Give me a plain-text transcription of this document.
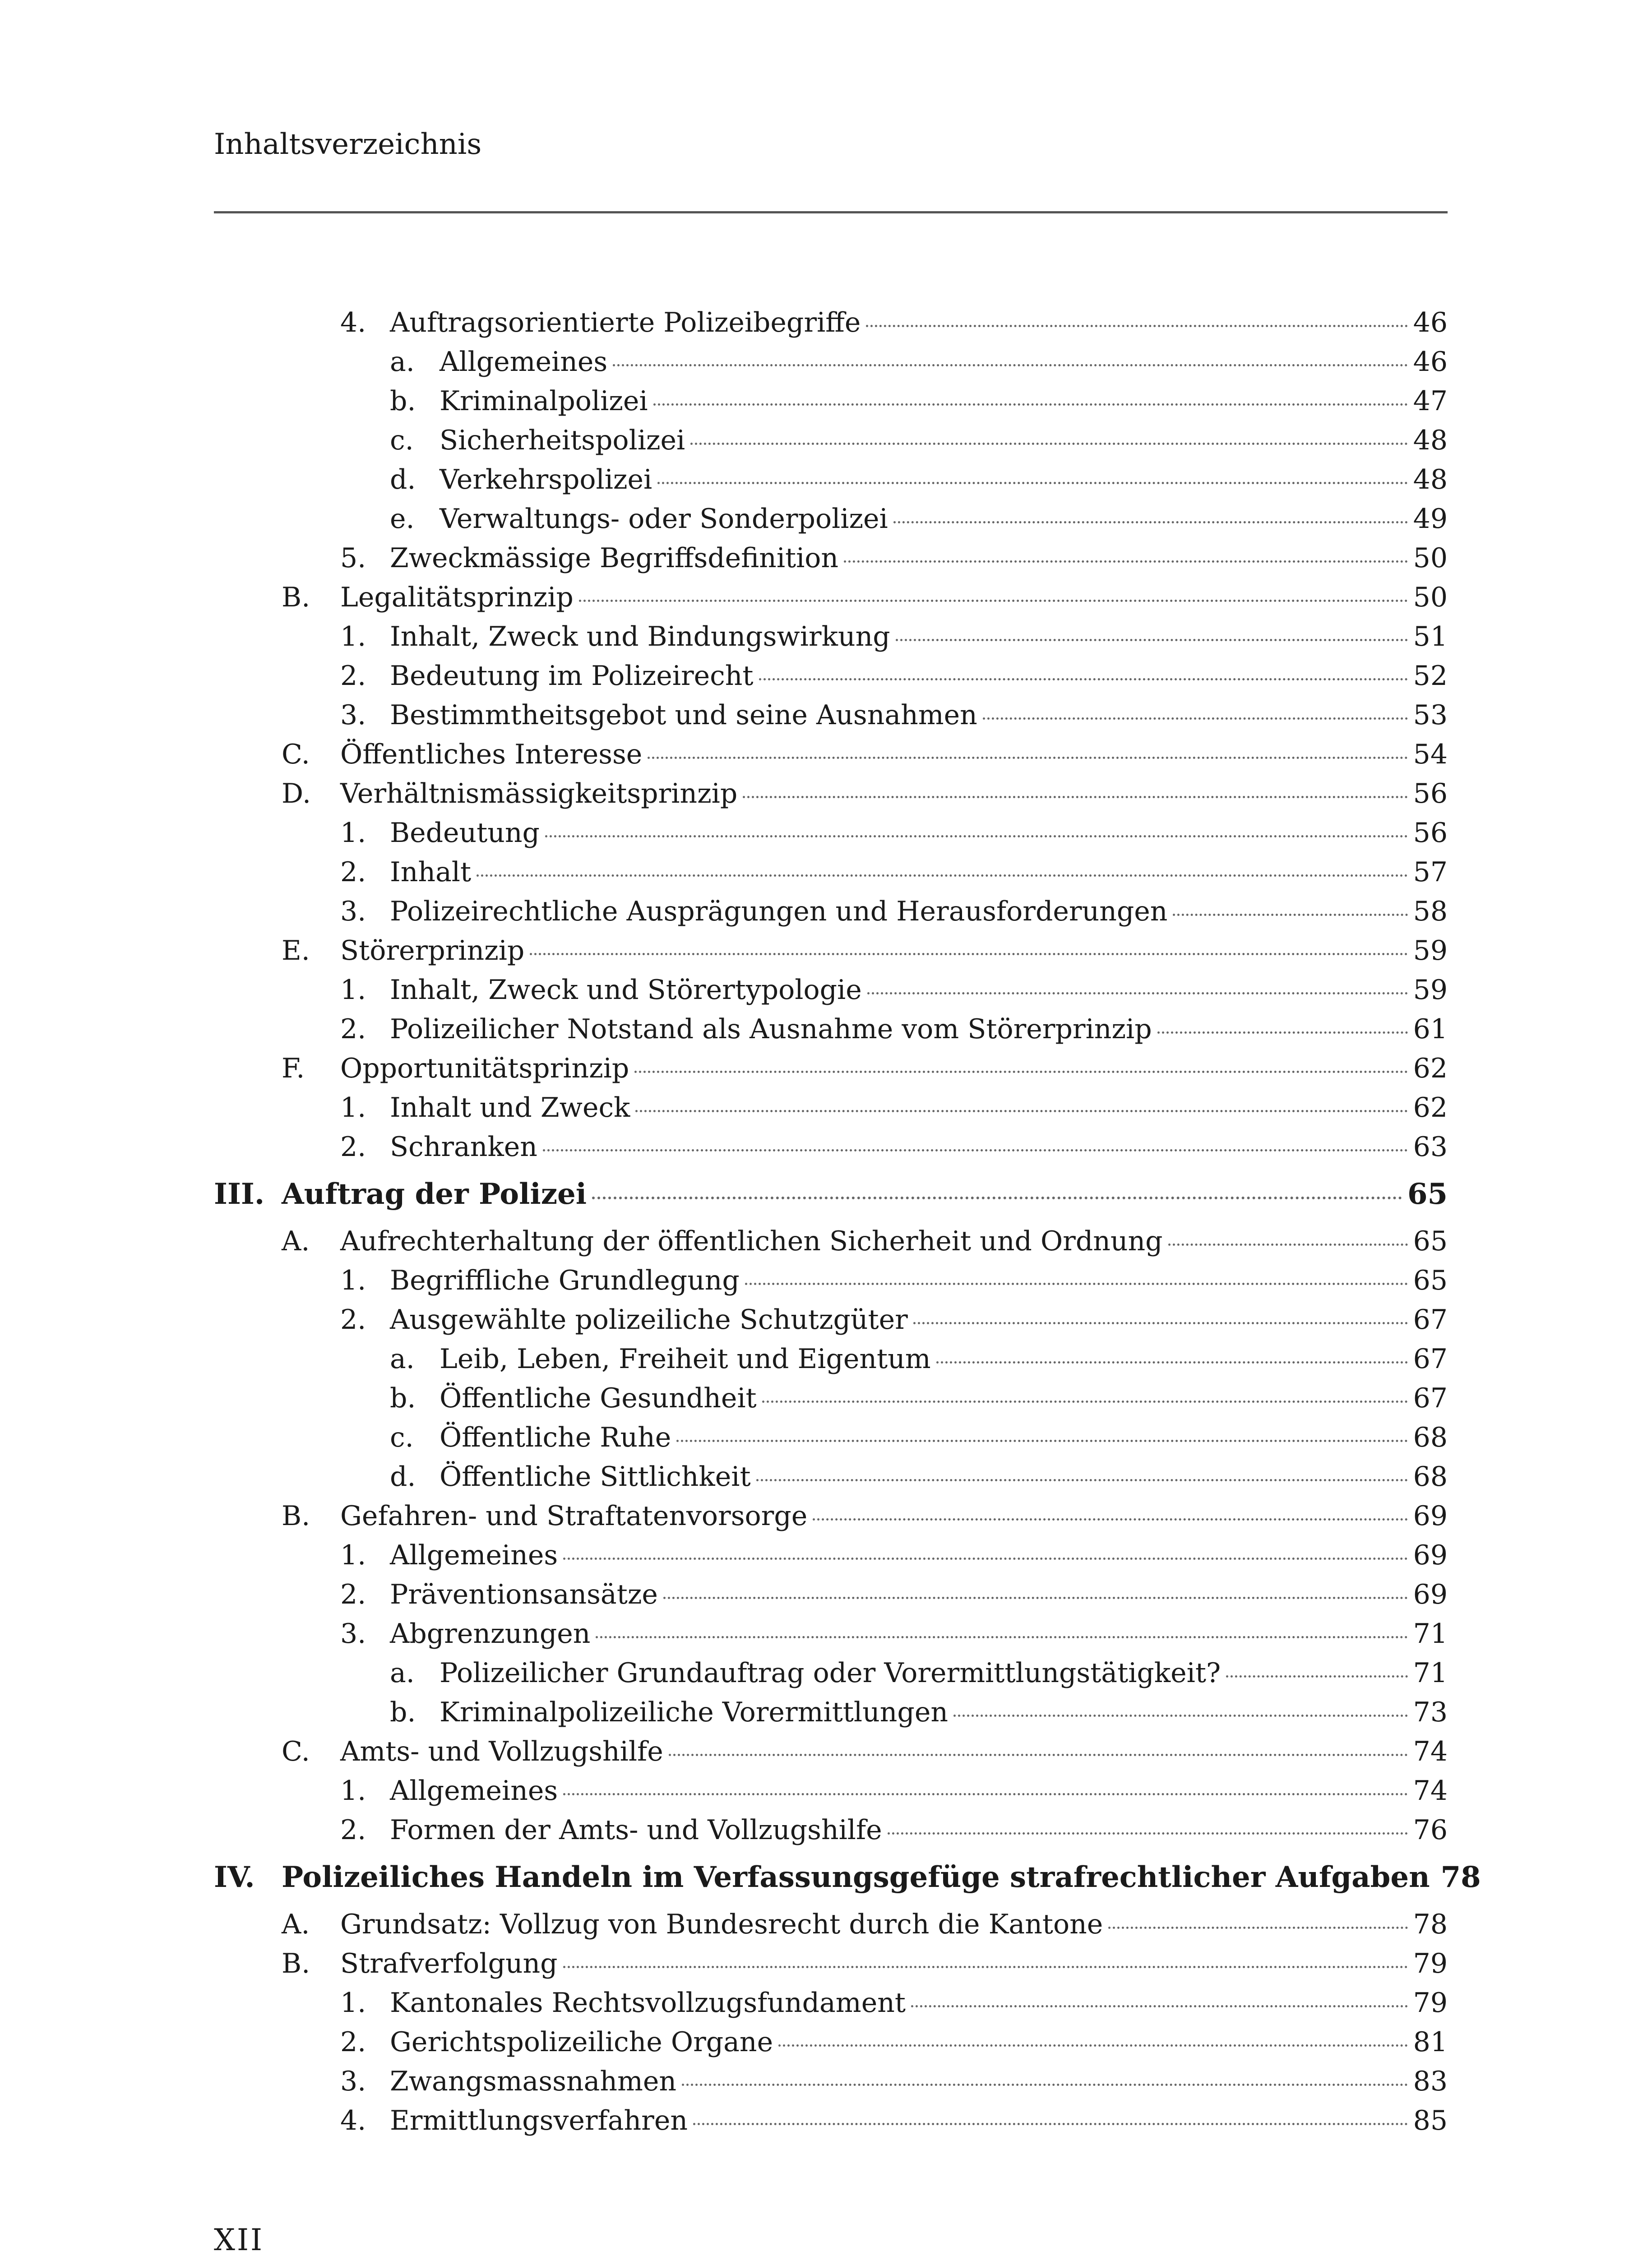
Inhaltsverzeichnis
4. Auftragsorientierte Polizeibegriffe	46
a. Allgemeines	46
b. Kriminalpolizei	47
c. Sicherheitspolizei	48
d. Verkehrspolizei	48
e. Verwaltungs- oder Sonderpolizei	49
5. Zweckmässige Begriffsdefinition	50
B. Legalitätsprinzip	50
1. Inhalt, Zweck und Bindungswirkung	51
2. Bedeutung im Polizeirecht	52
3. Bestimmtheitsgebot und seine Ausnahmen	53
C. Öffentliches Interesse	54
D. Verhältnismässigkeitsprinzip	56
1. Bedeutung	56
2. Inhalt	57
3. Polizeirechtliche Ausprägungen und Herausforderungen	58
E. Störerprinzip	59
1. Inhalt, Zweck und Störertypologie	59
2. Polizeilicher Notstand als Ausnahme vom Störerprinzip	61
F. Opportunitätsprinzip	62
1. Inhalt und Zweck	62
2. Schranken	63
III. Auftrag der Polizei	65
A. Aufrechterhaltung der öffentlichen Sicherheit und Ordnung	65
1. Begriffliche Grundlegung	65
2. Ausgewählte polizeiliche Schutzgüter	67
a. Leib, Leben, Freiheit und Eigentum	67
b. Öffentliche Gesundheit	67
c. Öffentliche Ruhe	68
d. Öffentliche Sittlichkeit	68
B. Gefahren- und Straftatenvorsorge	69
1. Allgemeines	69
2. Präventionsansätze	69
3. Abgrenzungen	71
a. Polizeilicher Grundauftrag oder Vorermittlungstätigkeit?	71
b. Kriminalpolizeiliche Vorermittlungen	73
C. Amts- und Vollzugshilfe	74
1. Allgemeines	74
2. Formen der Amts- und Vollzugshilfe	76
IV. Polizeiliches Handeln im Verfassungsgefüge strafrechtlicher Aufgaben 78
A. Grundsatz: Vollzug von Bundesrecht durch die Kantone	78
B. Strafverfolgung	79
1. Kantonales Rechtsvollzugsfundament	79
2. Gerichtspolizeiliche Organe	81
3. Zwangsmassnahmen	83
4. Ermittlungsverfahren	85
XII
